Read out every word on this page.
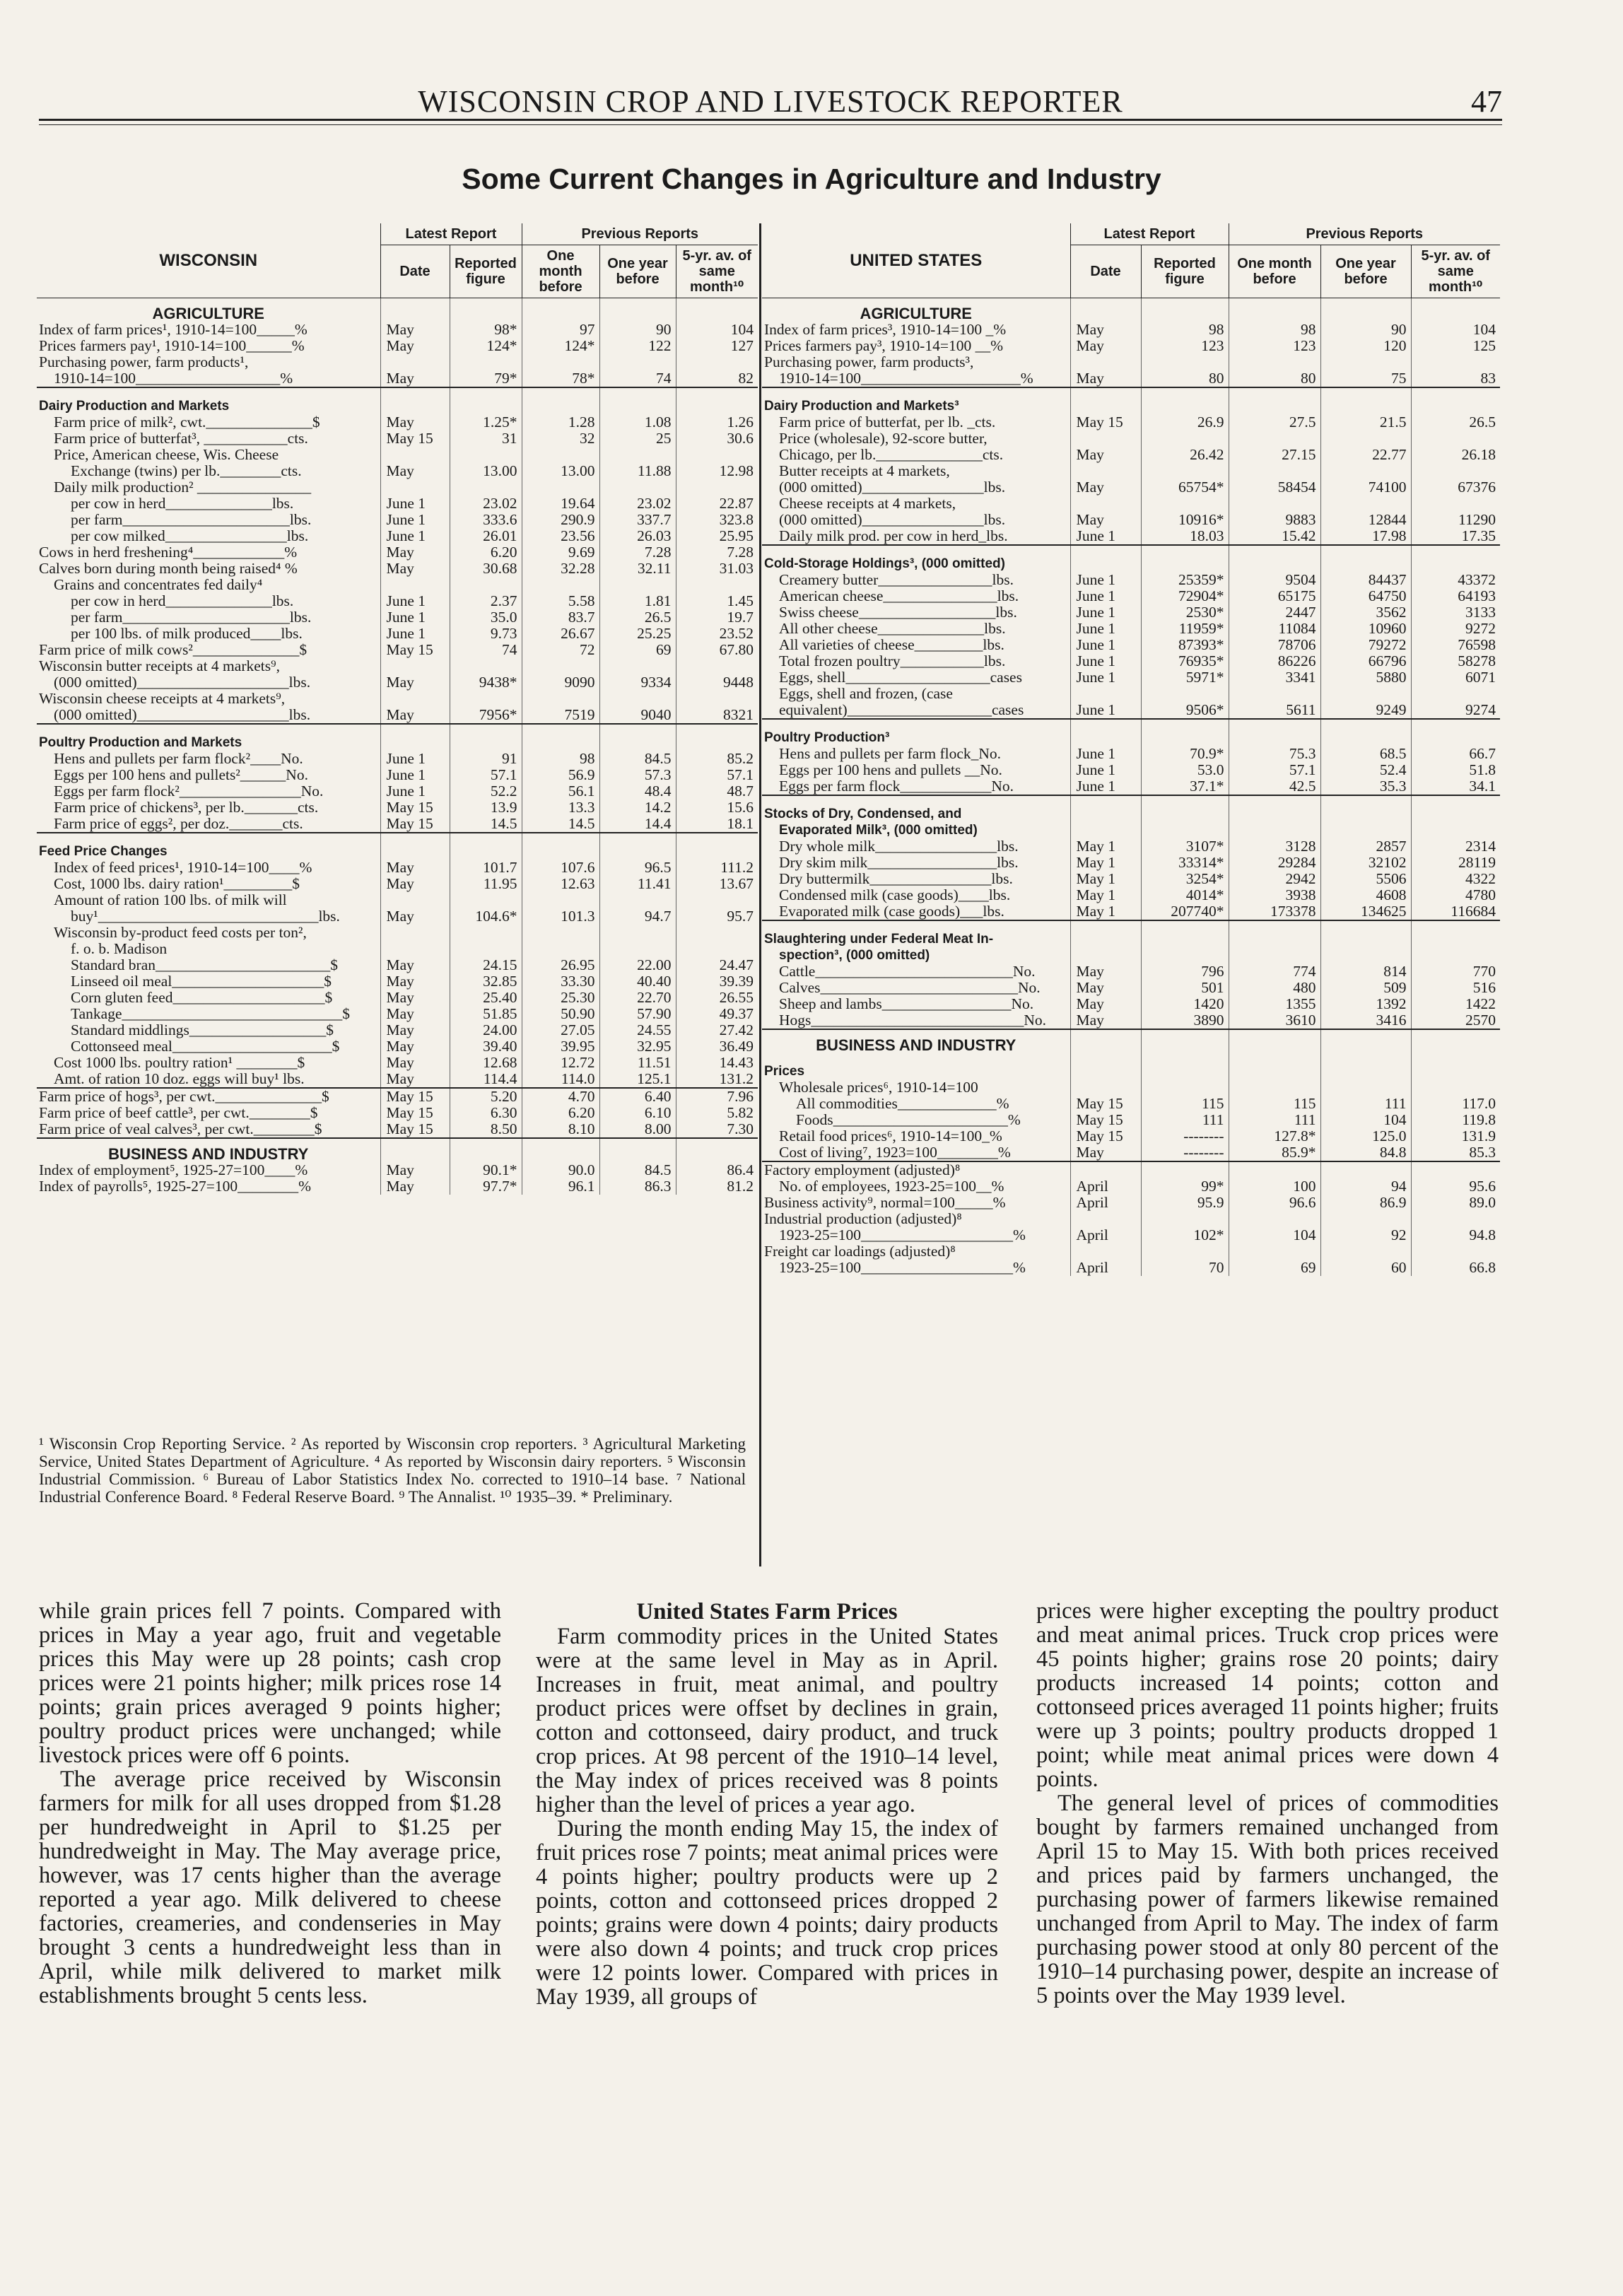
WISCONSIN CROP AND LIVESTOCK REPORTER	47
Some Current Changes in Agriculture and Industry
WISCONSIN	Latest Report		Previous Reports		
	Date	Reported figure	One month before	One year before	5-yr. av. of same month¹⁰
AGRICULTURE					
Index of farm prices¹, 1910-14=100_____%	May	98*	97	90	104
Prices farmers pay¹, 1910-14=100______%	May	124*	124*	122	127
Purchasing power, farm products¹,					
1910-14=100___________________%	May	79*	78*	74	82
Dairy Production and Markets					
Farm price of milk², cwt.______________$	May	1.25*	1.28	1.08	1.26
Farm price of butterfat³, ___________cts.	May 15	31	32	25	30.6
Price, American cheese, Wis. Cheese					
Exchange (twins) per lb.________cts.	May	13.00	13.00	11.88	12.98
Daily milk production² _______________					
per cow in herd______________lbs.	June 1	23.02	19.64	23.02	22.87
per farm______________________lbs.	June 1	333.6	290.9	337.7	323.8
per cow milked________________lbs.	June 1	26.01	23.56	26.03	25.95
Cows in herd freshening⁴____________%	May	6.20	9.69	7.28	7.28
Calves born during month being raised⁴ %	May	30.68	32.28	32.11	31.03
Grains and concentrates fed daily⁴					
per cow in herd______________lbs.	June 1	2.37	5.58	1.81	1.45
per farm______________________lbs.	June 1	35.0	83.7	26.5	19.7
per 100 lbs. of milk produced____lbs.	June 1	9.73	26.67	25.25	23.52
Farm price of milk cows²______________$	May 15	74	72	69	67.80
Wisconsin butter receipts at 4 markets⁹,					
(000 omitted)____________________lbs.	May	9438*	9090	9334	9448
Wisconsin cheese receipts at 4 markets⁹,					
(000 omitted)____________________lbs.	May	7956*	7519	9040	8321
Poultry Production and Markets					
Hens and pullets per farm flock²____No.	June 1	91	98	84.5	85.2
Eggs per 100 hens and pullets²______No.	June 1	57.1	56.9	57.3	57.1
Eggs per farm flock²________________No.	June 1	52.2	56.1	48.4	48.7
Farm price of chickens³, per lb._______cts.	May 15	13.9	13.3	14.2	15.6
Farm price of eggs², per doz._______cts.	May 15	14.5	14.5	14.4	18.1
Feed Price Changes					
Index of feed prices¹, 1910-14=100____%	May	101.7	107.6	96.5	111.2
Cost, 1000 lbs. dairy ration¹_________$	May	11.95	12.63	11.41	13.67
Amount of ration 100 lbs. of milk will					
buy¹_____________________________lbs.	May	104.6*	101.3	94.7	95.7
Wisconsin by-product feed costs per ton²,					
f. o. b. Madison					
Standard bran_______________________$	May	24.15	26.95	22.00	24.47
Linseed oil meal____________________$	May	32.85	33.30	40.40	39.39
Corn gluten feed____________________$	May	25.40	25.30	22.70	26.55
Tankage_____________________________$	May	51.85	50.90	57.90	49.37
Standard middlings__________________$	May	24.00	27.05	24.55	27.42
Cottonseed meal_____________________$	May	39.40	39.95	32.95	36.49
Cost 1000 lbs. poultry ration¹ ________$	May	12.68	12.72	11.51	14.43
Amt. of ration 10 doz. eggs will buy¹ lbs.	May	114.4	114.0	125.1	131.2
Farm price of hogs³, per cwt.______________$	May 15	5.20	4.70	6.40	7.96
Farm price of beef cattle³, per cwt.________$	May 15	6.30	6.20	6.10	5.82
Farm price of veal calves³, per cwt.________$	May 15	8.50	8.10	8.00	7.30
BUSINESS AND INDUSTRY					
Index of employment⁵, 1925-27=100____%	May	90.1*	90.0	84.5	86.4
Index of payrolls⁵, 1925-27=100________%	May	97.7*	96.1	86.3	81.2
UNITED STATES	Latest Report		Previous Reports		
	Date	Reported figure	One month before	One year before	5-yr. av. of same month¹⁰
AGRICULTURE					
Index of farm prices³, 1910-14=100 _%	May	98	98	90	104
Prices farmers pay³, 1910-14=100 __%	May	123	123	120	125
Purchasing power, farm products³,					
1910-14=100_____________________%	May	80	80	75	83
Dairy Production and Markets³					
Farm price of butterfat, per lb. _cts.	May 15	26.9	27.5	21.5	26.5
Price (wholesale), 92-score butter,					
Chicago, per lb.______________cts.	May	26.42	27.15	22.77	26.18
Butter receipts at 4 markets,					
(000 omitted)________________lbs.	May	65754*	58454	74100	67376
Cheese receipts at 4 markets,					
(000 omitted)________________lbs.	May	10916*	9883	12844	11290
Daily milk prod. per cow in herd_lbs.	June 1	18.03	15.42	17.98	17.35
Cold-Storage Holdings³, (000 omitted)					
Creamery butter_______________lbs.	June 1	25359*	9504	84437	43372
American cheese_______________lbs.	June 1	72904*	65175	64750	64193
Swiss cheese__________________lbs.	June 1	2530*	2447	3562	3133
All other cheese______________lbs.	June 1	11959*	11084	10960	9272
All varieties of cheese_________lbs.	June 1	87393*	78706	79272	76598
Total frozen poultry___________lbs.	June 1	76935*	86226	66796	58278
Eggs, shell___________________cases	June 1	5971*	3341	5880	6071
Eggs, shell and frozen, (case					
equivalent)___________________cases	June 1	9506*	5611	9249	9274
Poultry Production³					
Hens and pullets per farm flock_No.	June 1	70.9*	75.3	68.5	66.7
Eggs per 100 hens and pullets __No.	June 1	53.0	57.1	52.4	51.8
Eggs per farm flock____________No.	June 1	37.1*	42.5	35.3	34.1
Stocks of Dry, Condensed, and					
Evaporated Milk³, (000 omitted)					
Dry whole milk________________lbs.	May 1	3107*	3128	2857	2314
Dry skim milk_________________lbs.	May 1	33314*	29284	32102	28119
Dry buttermilk________________lbs.	May 1	3254*	2942	5506	4322
Condensed milk (case goods)____lbs.	May 1	4014*	3938	4608	4780
Evaporated milk (case goods)___lbs.	May 1	207740*	173378	134625	116684
Slaughtering under Federal Meat In-					
spection³, (000 omitted)					
Cattle__________________________No.	May	796	774	814	770
Calves__________________________No.	May	501	480	509	516
Sheep and lambs_________________No.	May	1420	1355	1392	1422
Hogs____________________________No.	May	3890	3610	3416	2570
BUSINESS AND INDUSTRY					
Prices					
Wholesale prices⁶, 1910-14=100					
All commodities_____________%	May 15	115	115	111	117.0
Foods_______________________%	May 15	111	111	104	119.8
Retail food prices⁶, 1910-14=100_%	May 15	--------	127.8*	125.0	131.9
Cost of living⁷, 1923=100________%	May	--------	85.9*	84.8	85.3
Factory employment (adjusted)⁸					
No. of employees, 1923-25=100__%	April	99*	100	94	95.6
Business activity⁹, normal=100_____%	April	95.9	96.6	86.9	89.0
Industrial production (adjusted)⁸					
1923-25=100____________________%	April	102*	104	92	94.8
Freight car loadings (adjusted)⁸					
1923-25=100____________________%	April	70	69	60	66.8
¹ Wisconsin Crop Reporting Service. ² As reported by Wisconsin crop reporters. ³ Agricultural Marketing Service, United States Department of Agriculture. ⁴ As reported by Wisconsin dairy reporters. ⁵ Wisconsin Industrial Commission. ⁶ Bureau of Labor Statistics Index No. corrected to 1910–14 base. ⁷ National Industrial Conference Board. ⁸ Federal Reserve Board. ⁹ The Annalist. ¹⁰ 1935–39. * Preliminary.

while grain prices fell 7 points. Compared with prices in May a year ago, fruit and vegetable prices this May were up 28 points; cash crop prices were 21 points higher; milk prices rose 14 points; grain prices averaged 9 points higher; poultry product prices were unchanged; while livestock prices were off 6 points.

The average price received by Wisconsin farmers for milk for all uses dropped from $1.28 per hundredweight in April to $1.25 per hundredweight in May. The May average price, however, was 17 cents higher than the average reported a year ago. Milk delivered to cheese factories, creameries, and condenseries in May brought 3 cents a hundredweight less than in April, while milk delivered to market milk establishments brought 5 cents less.

United States Farm Prices

Farm commodity prices in the United States were at the same level in May as in April. Increases in fruit, meat animal, and poultry product prices were offset by declines in grain, cotton and cottonseed, dairy product, and truck crop prices. At 98 percent of the 1910–14 level, the May index of prices received was 8 points higher than the level of prices a year ago.

During the month ending May 15, the index of fruit prices rose 7 points; meat animal prices were 4 points higher; poultry products were up 2 points, cotton and cottonseed prices dropped 2 points; grains were down 4 points; dairy products were also down 4 points; and truck crop prices were 12 points lower. Compared with prices in May 1939, all groups of

prices were higher excepting the poultry product and meat animal prices. Truck crop prices were 45 points higher; grains rose 20 points; dairy products increased 14 points; cotton and cottonseed prices averaged 11 points higher; fruits were up 3 points; poultry products dropped 1 point; while meat animal prices were down 4 points.

The general level of prices of commodities bought by farmers remained unchanged from April 15 to May 15. With both prices received and prices paid by farmers unchanged, the purchasing power of farmers likewise remained unchanged from April to May. The index of farm purchasing power stood at only 80 percent of the 1910–14 purchasing power, despite an increase of 5 points over the May 1939 level.
